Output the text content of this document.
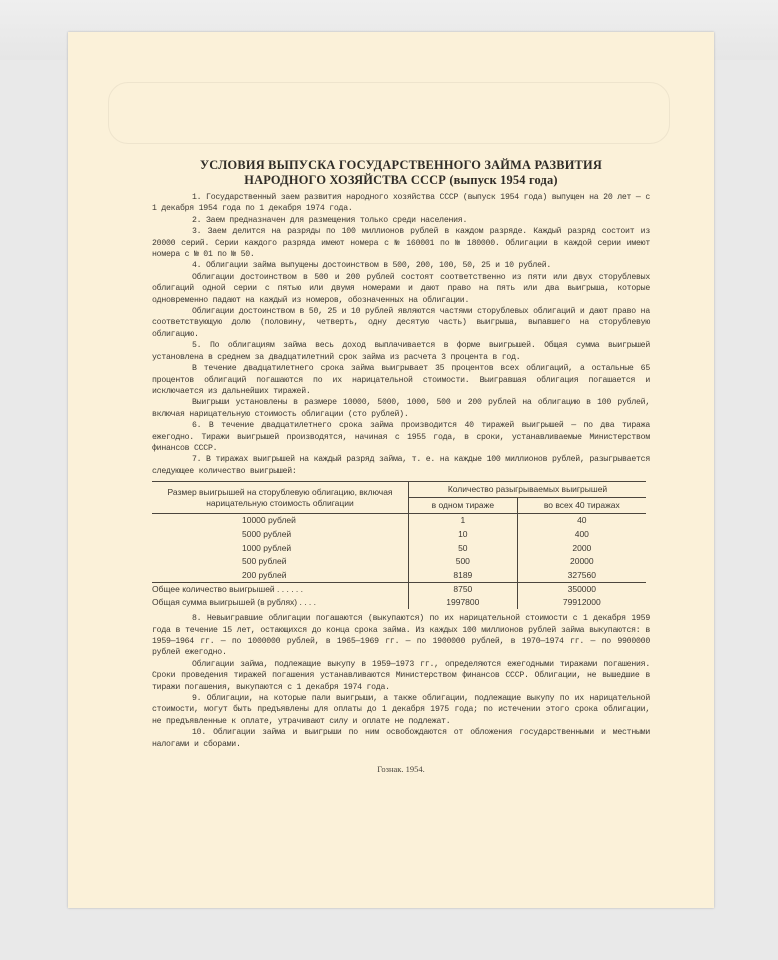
УСЛОВИЯ ВЫПУСКА ГОСУДАРСТВЕННОГО ЗАЙМА РАЗВИТИЯ
НАРОДНОГО ХОЗЯЙСТВА СССР (выпуск 1954 года)

1. Государственный заем развития народного хозяйства СССР (выпуск 1954 года) выпущен на 20 лет — с 1 декабря 1954 года по 1 декабря 1974 года.

2. Заем предназначен для размещения только среди населения.

3. Заем делится на разряды по 100 миллионов рублей в каждом разряде. Каждый разряд состоит из 20000 серий. Серии каждого разряда имеют номера с № 160001 по № 180000. Облигации в каждой серии имеют номера с № 01 по № 50.

4. Облигации займа выпущены достоинством в 500, 200, 100, 50, 25 и 10 рублей.

Облигации достоинством в 500 и 200 рублей состоят соответственно из пяти или двух сторублевых облигаций одной серии с пятью или двумя номерами и дают право на пять или два выигрыша, которые одновременно падают на каждый из номеров, обозначенных на облигации.

Облигации достоинством в 50, 25 и 10 рублей являются частями сторублевых облигаций и дают право на соответствующую долю (половину, четверть, одну десятую часть) выигрыша, выпавшего на сторублевую облигацию.

5. По облигациям займа весь доход выплачивается в форме выигрышей. Общая сумма выигрышей установлена в среднем за двадцатилетний срок займа из расчета 3 процента в год.

В течение двадцатилетнего срока займа выигрывает 35 процентов всех облигаций, а остальные 65 процентов облигаций погашаются по их нарицательной стоимости. Выигравшая облигация погашается и исключается из дальнейших тиражей.

Выигрыши установлены в размере 10000, 5000, 1000, 500 и 200 рублей на облигацию в 100 рублей, включая нарицательную стоимость облигации (сто рублей).

6. В течение двадцатилетнего срока займа производится 40 тиражей выигрышей — по два тиража ежегодно. Тиражи выигрышей производятся, начиная с 1955 года, в сроки, устанавливаемые Министерством финансов СССР.

7. В тиражах выигрышей на каждый разряд займа, т. е. на каждые 100 миллионов рублей, разыгрывается следующее количество выигрышей:

Размер выигрышей на сторублевую облигацию, включая нарицательную стоимость облигации	Количество разыгрываемых выигрышей	
	в одном тираже	во всех 40 тиражах

10000 рублей	1	40
5000 рублей	10	400
1000 рублей	50	2000
500 рублей	500	20000
200 рублей	8189	327560
Общее количество выигрышей . . . . . .	8750	350000
Общая сумма выигрышей (в рублях) . . . .	1997800	79912000

8. Невыигравшие облигации погашаются (выкупаются) по их нарицательной стоимости с 1 декабря 1959 года в течение 15 лет, остающихся до конца срока займа. Из каждых 100 миллионов рублей займа выкупаются: в 1959—1964 гг. — по 1000000 рублей, в 1965—1969 гг. — по 1900000 рублей, в 1970—1974 гг. — по 9900000 рублей ежегодно.

Облигации займа, подлежащие выкупу в 1959—1973 гг., определяются ежегодными тиражами погашения. Сроки проведения тиражей погашения устанавливаются Министерством финансов СССР. Облигации, не вышедшие в тиражи погашения, выкупаются с 1 декабря 1974 года.

9. Облигации, на которые пали выигрыши, а также облигации, подлежащие выкупу по их нарицательной стоимости, могут быть предъявлены для оплаты до 1 декабря 1975 года; по истечении этого срока облигации, не предъявленные к оплате, утрачивают силу и оплате не подлежат.

10. Облигации займа и выигрыши по ним освобождаются от обложения государственными и местными налогами и сборами.

Гознак. 1954.
